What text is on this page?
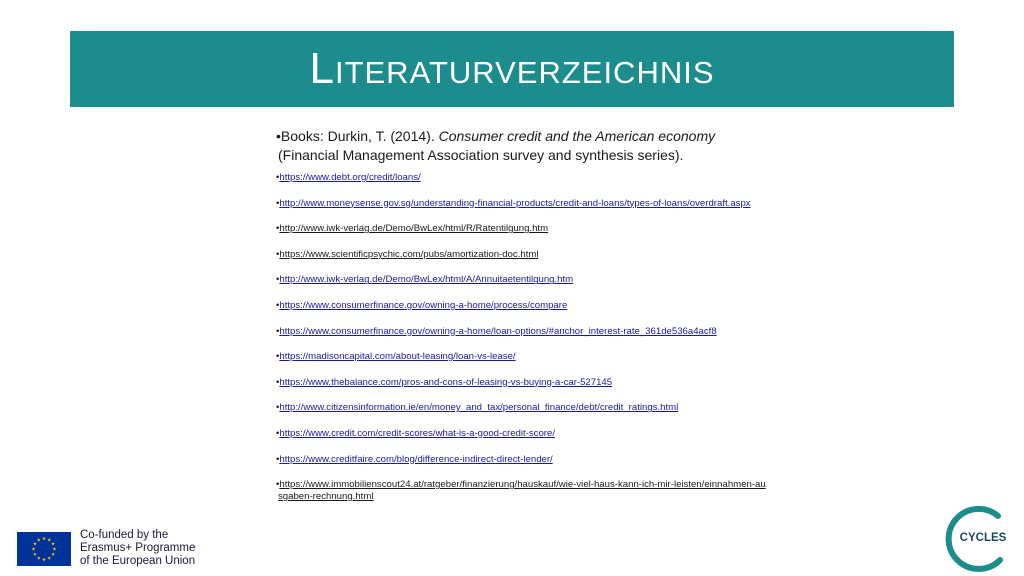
Literaturverzeichnis

•Books: Durkin, T. (2014). Consumer credit and the American economy (Financial Management Association survey and synthesis series).

•https://www.debt.org/credit/loans/
•http://www.moneysense.gov.sg/understanding-financial-products/credit-and-loans/types-of-loans/overdraft.aspx
•http://www.iwk-verlag.de/Demo/BwLex/html/R/Ratentilgung.htm
•https://www.scientificpsychic.com/pubs/amortization-doc.html
•http://www.iwk-verlag.de/Demo/BwLex/html/A/Annuitaetentilgung.htm
•https://www.consumerfinance.gov/owning-a-home/process/compare
•https://www.consumerfinance.gov/owning-a-home/loan-options/#anchor_interest-rate_361de536a4acf8
•https://madisoncapital.com/about-leasing/loan-vs-lease/
•https://www.thebalance.com/pros-and-cons-of-leasing-vs-buying-a-car-527145
•http://www.citizensinformation.ie/en/money_and_tax/personal_finance/debt/credit_ratings.html
•https://www.credit.com/credit-scores/what-is-a-good-credit-score/
•https://www.creditfaire.com/blog/difference-indirect-direct-lender/
•https://www.immobilienscout24.at/ratgeber/finanzierung/hauskauf/wie-viel-haus-kann-ich-mir-leisten/einnahmen-ausgaben-rechnung.html
Co-funded by the
Erasmus+ Programme
of the European Union
CYCLES
